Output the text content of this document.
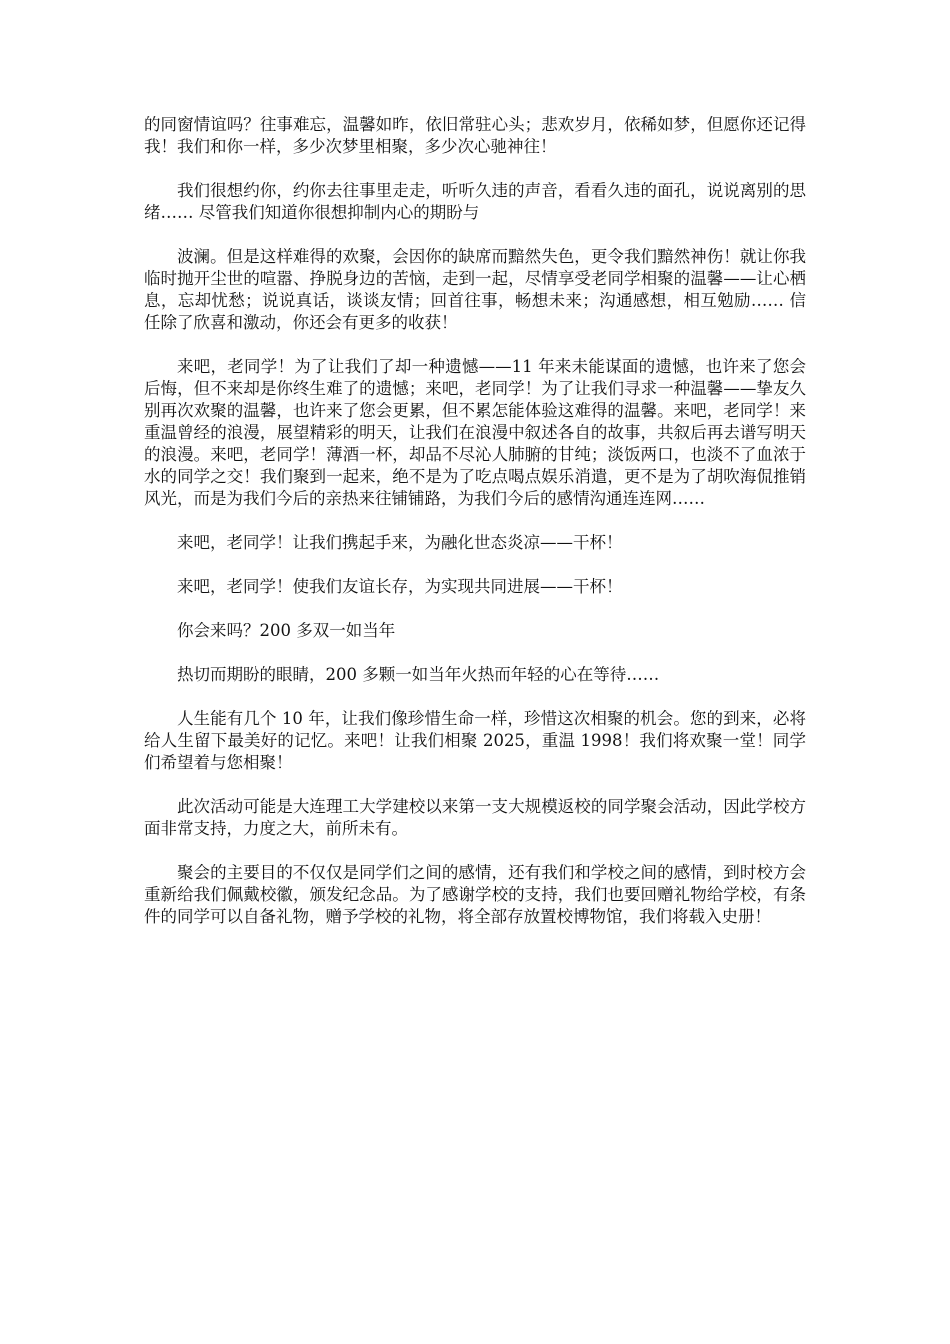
的同窗情谊吗？往事难忘，温馨如昨，依旧常驻心头；悲欢岁月，依稀如梦，但愿你还记得我！我们和你一样，多少次梦里相聚，多少次心驰神往！

我们很想约你，约你去往事里走走，听听久违的声音，看看久违的面孔，说说离别的思绪…… 尽管我们知道你很想抑制内心的期盼与

波澜。但是这样难得的欢聚，会因你的缺席而黯然失色，更令我们黯然神伤！就让你我临时抛开尘世的喧嚣、挣脱身边的苦恼，走到一起，尽情享受老同学相聚的温馨——让心栖息，忘却忧愁；说说真话，谈谈友情；回首往事，畅想未来；沟通感想，相互勉励…… 信任除了欣喜和激动，你还会有更多的收获！

来吧，老同学！为了让我们了却一种遗憾——11 年来未能谋面的遗憾，也许来了您会后悔，但不来却是你终生难了的遗憾；来吧，老同学！为了让我们寻求一种温馨——挚友久别再次欢聚的温馨，也许来了您会更累，但不累怎能体验这难得的温馨。来吧，老同学！来重温曾经的浪漫，展望精彩的明天，让我们在浪漫中叙述各自的故事，共叙后再去谱写明天的浪漫。来吧，老同学！薄酒一杯，却品不尽沁人肺腑的甘纯；淡饭两口，也淡不了血浓于水的同学之交！我们聚到一起来，绝不是为了吃点喝点娱乐消遣，更不是为了胡吹海侃推销风光，而是为我们今后的亲热来往铺铺路，为我们今后的感情沟通连连网……

来吧，老同学！让我们携起手来，为融化世态炎凉——干杯！

来吧，老同学！使我们友谊长存，为实现共同进展——干杯！

你会来吗？200 多双一如当年

热切而期盼的眼睛，200 多颗一如当年火热而年轻的心在等待……

人生能有几个 10 年，让我们像珍惜生命一样，珍惜这次相聚的机会。您的到来，必将给人生留下最美好的记忆。来吧！让我们相聚 2025，重温 1998！我们将欢聚一堂！同学们希望着与您相聚！

此次活动可能是大连理工大学建校以来第一支大规模返校的同学聚会活动，因此学校方面非常支持，力度之大，前所未有。

聚会的主要目的不仅仅是同学们之间的感情，还有我们和学校之间的感情，到时校方会重新给我们佩戴校徽，颁发纪念品。为了感谢学校的支持，我们也要回赠礼物给学校，有条件的同学可以自备礼物，赠予学校的礼物，将全部存放置校博物馆，我们将载入史册！
